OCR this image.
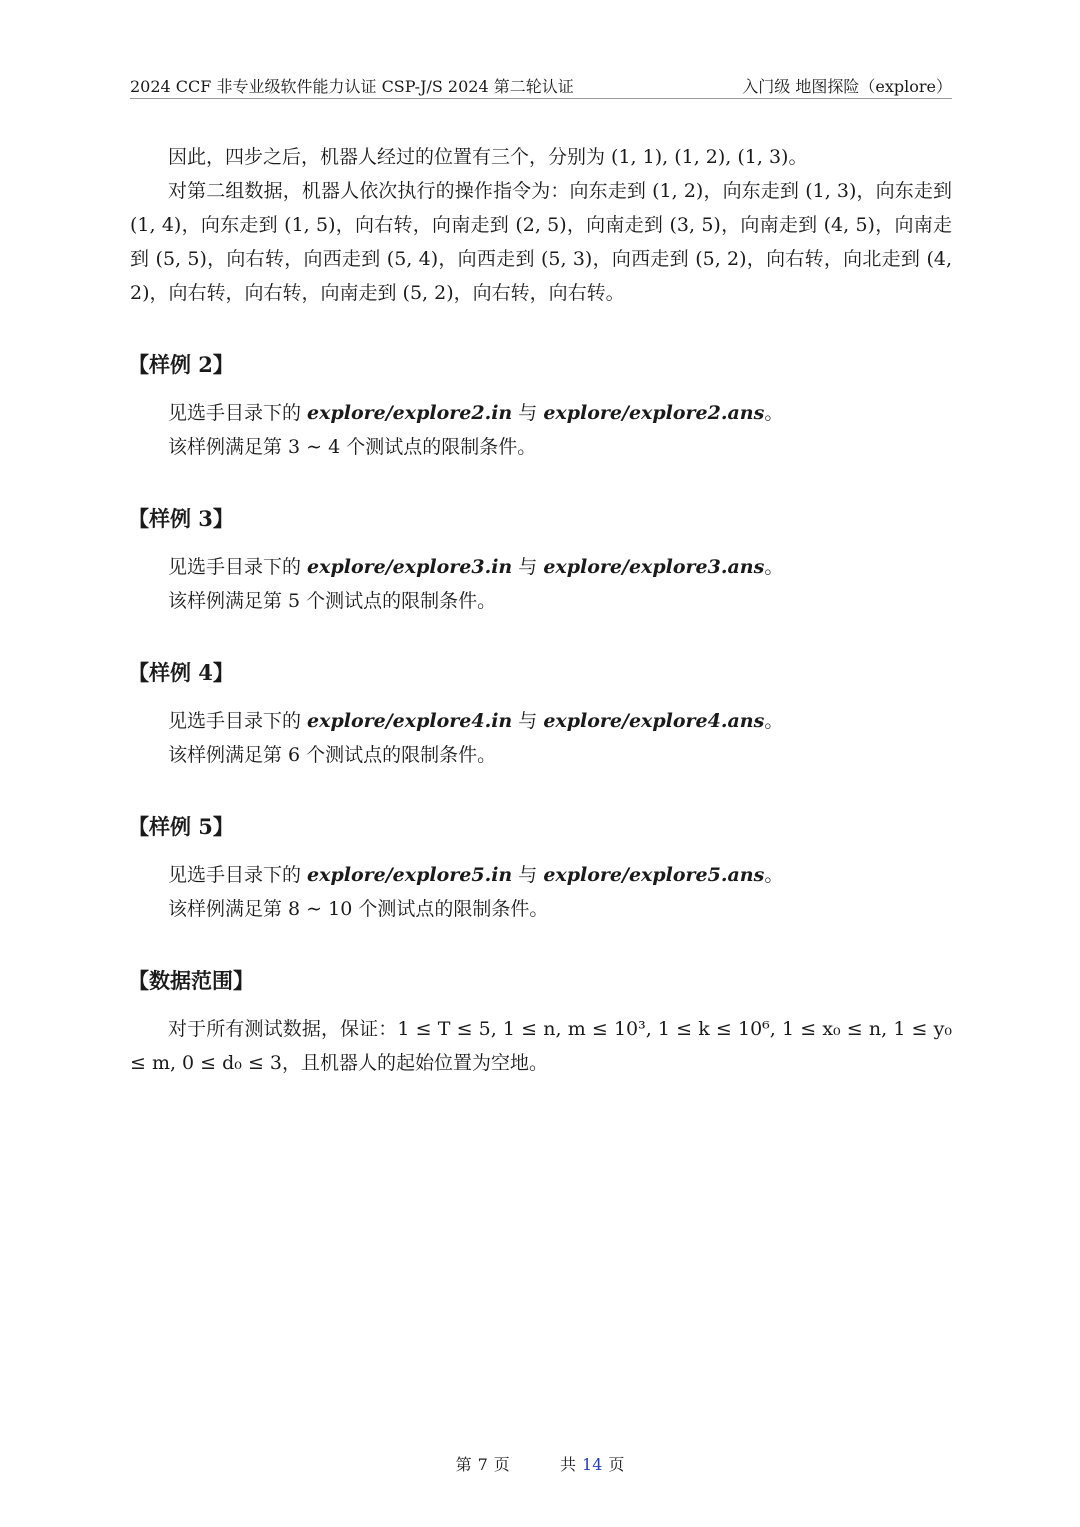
2024 CCF 非专业级软件能力认证 CSP-J/S 2024 第二轮认证	入门级 地图探险（explore）

因此，四步之后，机器人经过的位置有三个，分别为 (1, 1), (1, 2), (1, 3)。

对第二组数据，机器人依次执行的操作指令为：向东走到 (1, 2)，向东走到 (1, 3)，向东走到 (1, 4)，向东走到 (1, 5)，向右转，向南走到 (2, 5)，向南走到 (3, 5)，向南走到 (4, 5)，向南走到 (5, 5)，向右转，向西走到 (5, 4)，向西走到 (5, 3)，向西走到 (5, 2)，向右转，向北走到 (4, 2)，向右转，向右转，向南走到 (5, 2)，向右转，向右转。

【样例 2】
见选手目录下的 explore/explore2.in 与 explore/explore2.ans。
该样例满足第 3 ∼ 4 个测试点的限制条件。
【样例 3】
见选手目录下的 explore/explore3.in 与 explore/explore3.ans。
该样例满足第 5 个测试点的限制条件。
【样例 4】
见选手目录下的 explore/explore4.in 与 explore/explore4.ans。
该样例满足第 6 个测试点的限制条件。
【样例 5】
见选手目录下的 explore/explore5.in 与 explore/explore5.ans。
该样例满足第 8 ∼ 10 个测试点的限制条件。
【数据范围】

对于所有测试数据，保证：1 ≤ T ≤ 5, 1 ≤ n, m ≤ 10³, 1 ≤ k ≤ 10⁶, 1 ≤ x₀ ≤ n, 1 ≤ y₀ ≤ m, 0 ≤ d₀ ≤ 3，且机器人的起始位置为空地。

第 7 页	共 14 页
